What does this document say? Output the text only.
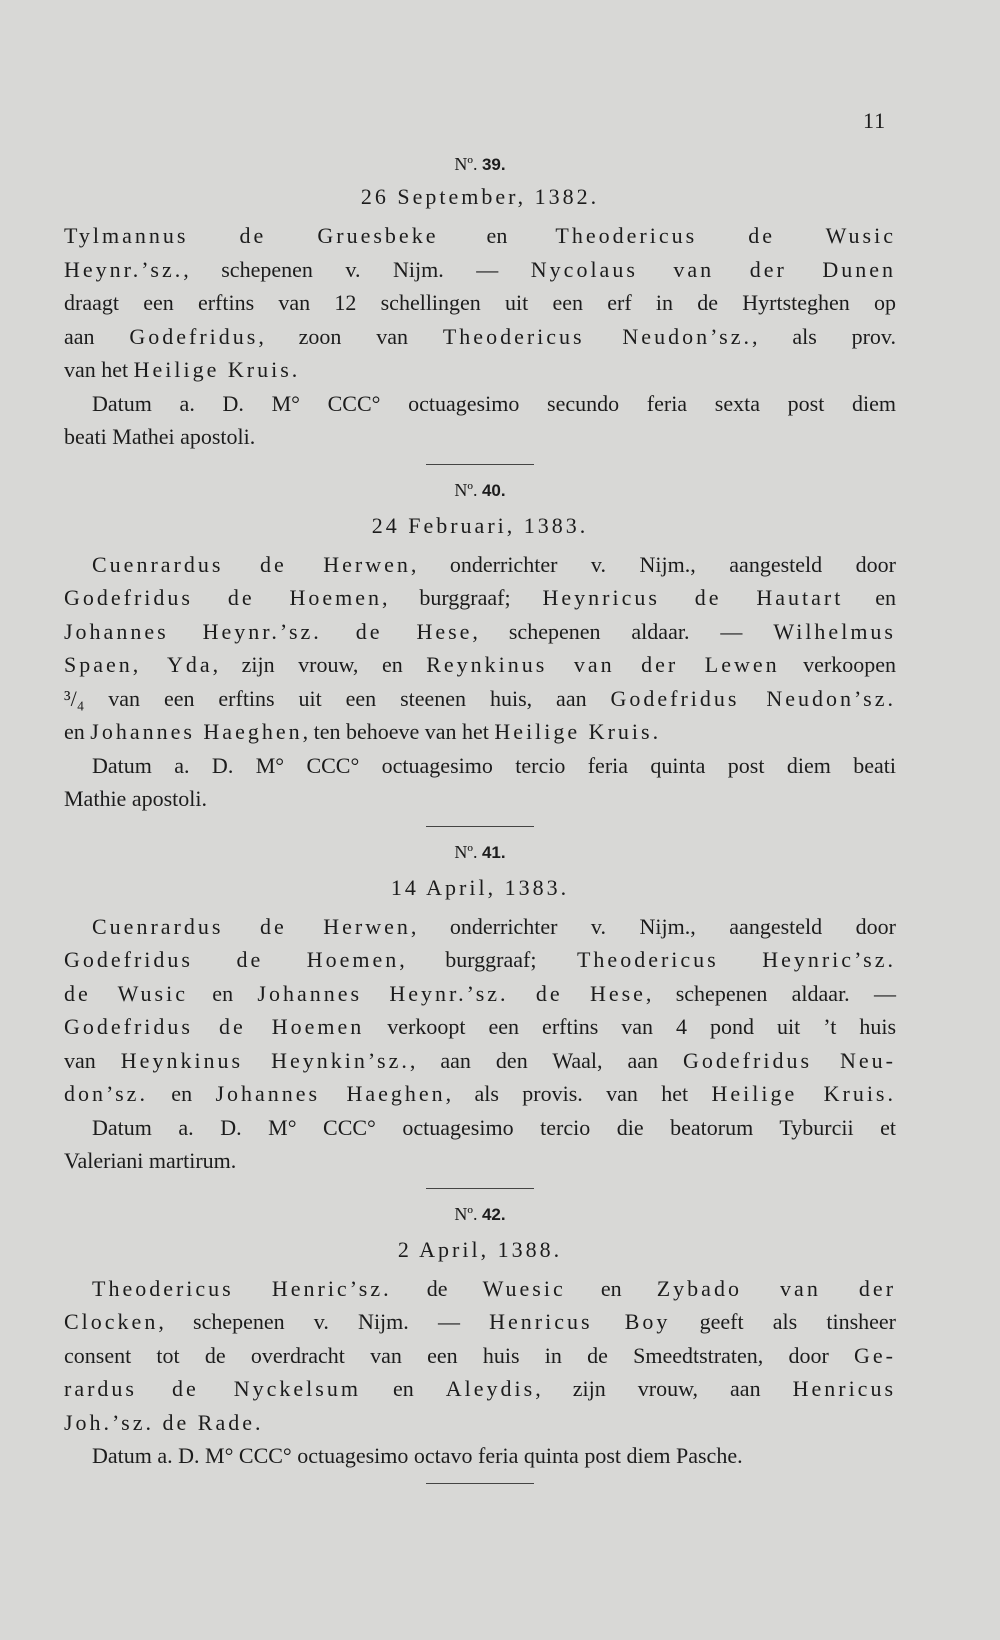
11

Nº. 39.

26 September, 1382.

Tylmannus de Gruesbeke en Theodericus de Wusic
Heynr.’sz., schepenen v. Nijm. — Nycolaus van der Dunen
draagt een erftins van 12 schellingen uit een erf in de Hyrtsteghen op
aan Godefridus, zoon van Theodericus Neudon’sz., als prov.
van het Heilige Kruis.
Datum a. D. M° CCC° octuagesimo secundo feria sexta post diem
beati Mathei apostoli.

Nº. 40.

24 Februari, 1383.

Cuenrardus de Herwen, onderrichter v. Nijm., aangesteld door
Godefridus de Hoemen, burggraaf; Heynricus de Hautart en
Johannes Heynr.’sz. de Hese, schepenen aldaar. — Wilhelmus
Spaen, Yda, zijn vrouw, en Reynkinus van der Lewen verkoopen
³/₄ van een erftins uit een steenen huis, aan Godefridus Neudon’sz.
en Johannes Haeghen, ten behoeve van het Heilige Kruis.
Datum a. D. M° CCC° octuagesimo tercio feria quinta post diem beati
Mathie apostoli.

Nº. 41.

14 April, 1383.

Cuenrardus de Herwen, onderrichter v. Nijm., aangesteld door
Godefridus de Hoemen, burggraaf; Theodericus Heynric’sz.
de Wusic en Johannes Heynr.’sz. de Hese, schepenen aldaar. —
Godefridus de Hoemen verkoopt een erftins van 4 pond uit ’t huis
van Heynkinus Heynkin’sz., aan den Waal, aan Godefridus Neu-
don’sz. en Johannes Haeghen, als provis. van het Heilige Kruis.
Datum a. D. M° CCC° octuagesimo tercio die beatorum Tyburcii et
Valeriani martirum.

Nº. 42.

2 April, 1388.

Theodericus Henric’sz. de Wuesic en Zybado van der
Clocken, schepenen v. Nijm. — Henricus Boy geeft als tinsheer
consent tot de overdracht van een huis in de Smeedtstraten, door Ge-
rardus de Nyckelsum en Aleydis, zijn vrouw, aan Henricus
Joh.’sz. de Rade.
Datum a. D. M° CCC° octuagesimo octavo feria quinta post diem Pasche.
